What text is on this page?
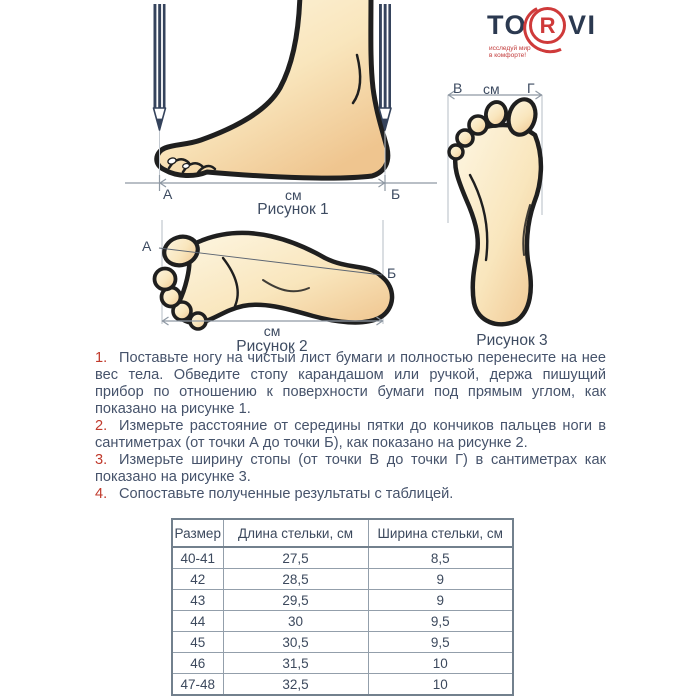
TO R VI
исследуй мир
в комфорте!
А	см	Б
Рисунок 1
А
Б
см
Рисунок 2
В см Г
Рисунок 3

1. Поставьте ногу на чистый лист бумаги и полностью перенесите на нее вес тела. Обведите стопу карандашом или ручкой, держа пишущий прибор по отношению к поверхности бумаги под прямым углом, как показано на рисунке 1.

2. Измерьте расстояние от середины пятки до кончиков пальцев ноги в сантиметрах (от точки А до точки Б), как показано на рисунке 2.

3. Измерьте ширину стопы (от точки В до точки Г) в сантиметрах как показано на рисунке 3.

4. Сопоставьте полученные результаты с таблицей.

Размер	Длина стельки, см	Ширина стельки, см
40-41	27,5	8,5
42	28,5	9
43	29,5	9
44	30	9,5
45	30,5	9,5
46	31,5	10
47-48	32,5	10
